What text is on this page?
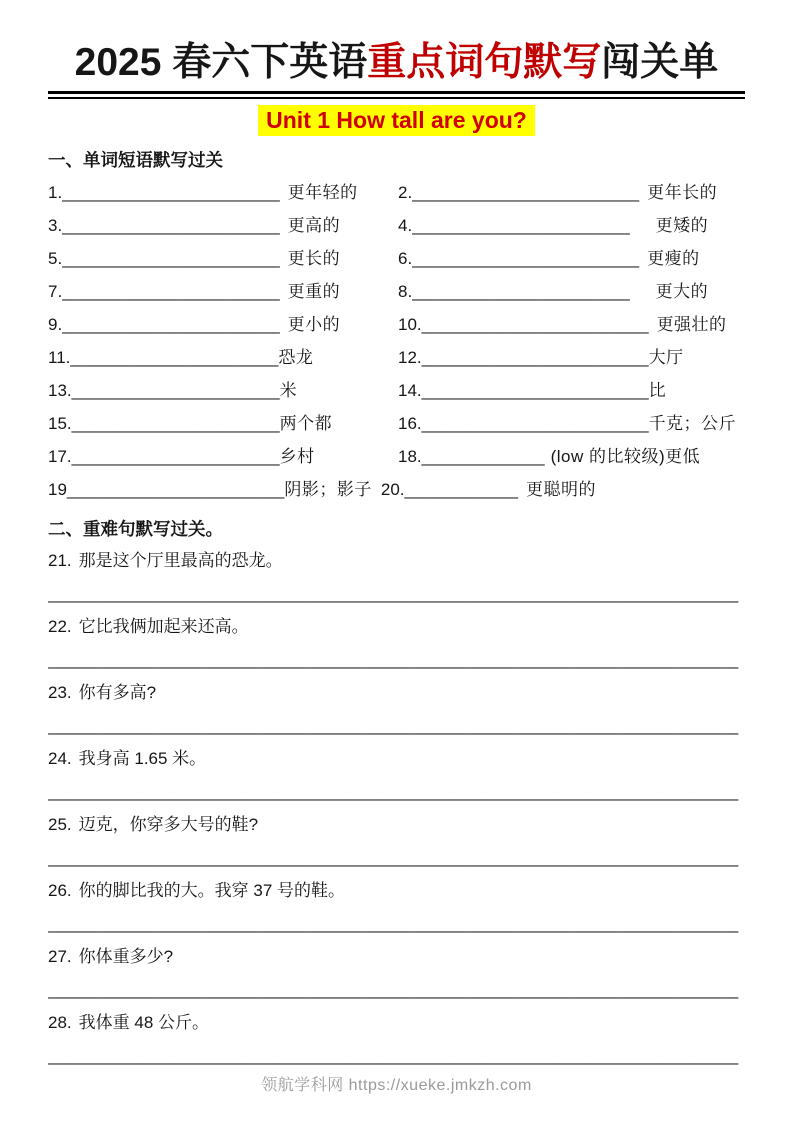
2025 春六下英语重点词句默写闯关单
Unit 1 How tall are you?
一、单词短语默写过关
1._______________________ 更年轻的	2.________________________ 更年长的
3._______________________ 更高的	4._______________________ 更矮的
5._______________________ 更长的	6.________________________ 更瘦的
7._______________________ 更重的	8._______________________ 更大的
9._______________________ 更小的	10.________________________ 更强壮的
11.______________________恐龙	12.________________________大厅
13.______________________米	14.________________________比
15.______________________两个都	16.________________________千克；公斤
17.______________________乡村	18._____________ (low 的比较级)更低
19_______________________阴影；影子 20.____________ 更聪明的
二、重难句默写过关。
21. 那是这个厅里最高的恐龙。
_________________________________________________________________________
22. 它比我俩加起来还高。
_________________________________________________________________________
23. 你有多高?
_________________________________________________________________________
24. 我身高 1.65 米。
_________________________________________________________________________
25. 迈克，你穿多大号的鞋?
_________________________________________________________________________
26. 你的脚比我的大。我穿 37 号的鞋。
_________________________________________________________________________
27. 你体重多少?
_________________________________________________________________________
28. 我体重 48 公斤。
_________________________________________________________________________
领航学科网 https://xueke.jmkzh.com
